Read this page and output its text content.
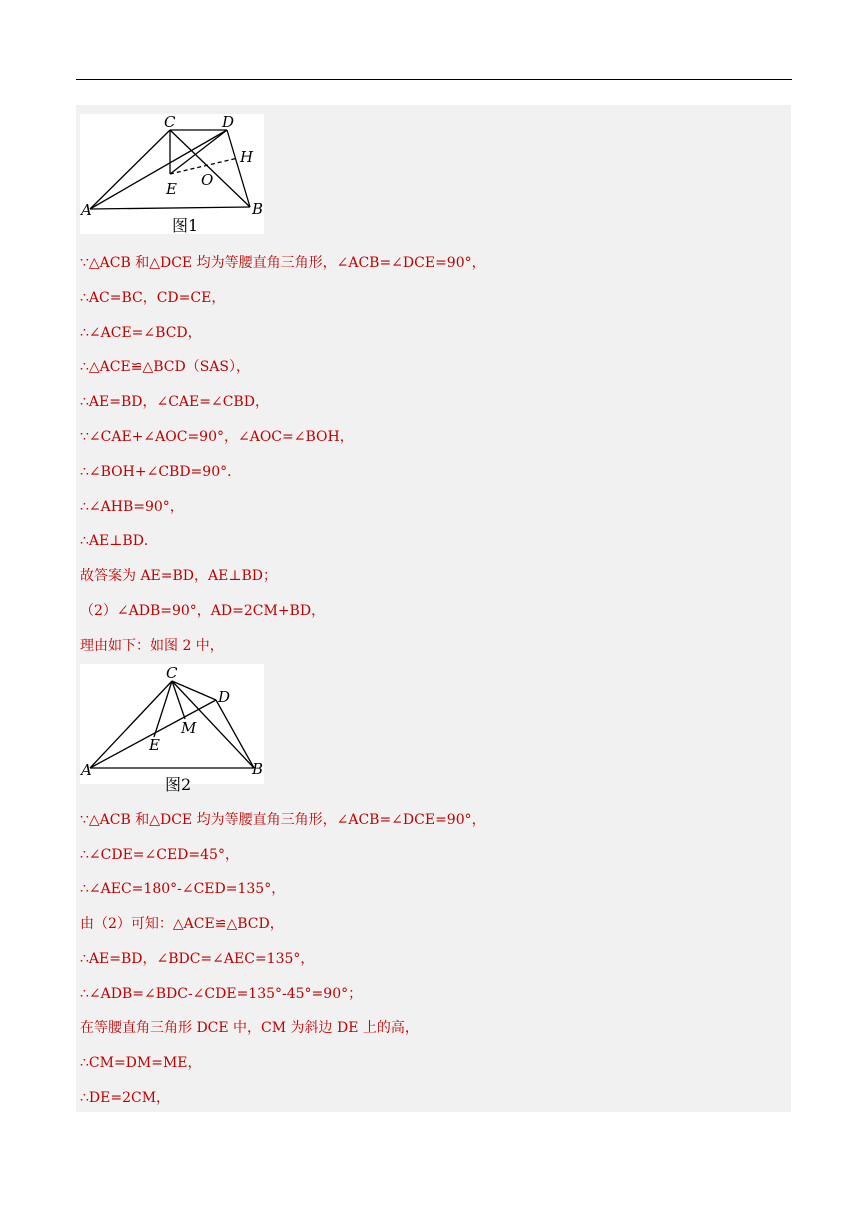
C	D
H
E O
A	B
图1
∵△ACB 和△DCE 均为等腰直角三角形，∠ACB=∠DCE=90°，
∴AC=BC，CD=CE，
∴∠ACE=∠BCD，
∴△ACE≌△BCD（SAS），
∴AE=BD，∠CAE=∠CBD，
∵∠CAE+∠AOC=90°，∠AOC=∠BOH，
∴∠BOH+∠CBD=90°．
∴∠AHB=90°，
∴AE⊥BD．
故答案为 AE=BD，AE⊥BD；
（2）∠ADB=90°，AD=2CM+BD，
理由如下：如图 2 中，
C
D
M
E
A	B
图2
∵△ACB 和△DCE 均为等腰直角三角形，∠ACB=∠DCE=90°，
∴∠CDE=∠CED=45°，
∴∠AEC=180°-∠CED=135°，
由（2）可知：△ACE≌△BCD，
∴AE=BD，∠BDC=∠AEC=135°，
∴∠ADB=∠BDC-∠CDE=135°-45°=90°；
在等腰直角三角形 DCE 中，CM 为斜边 DE 上的高，
∴CM=DM=ME，
∴DE=2CM，
